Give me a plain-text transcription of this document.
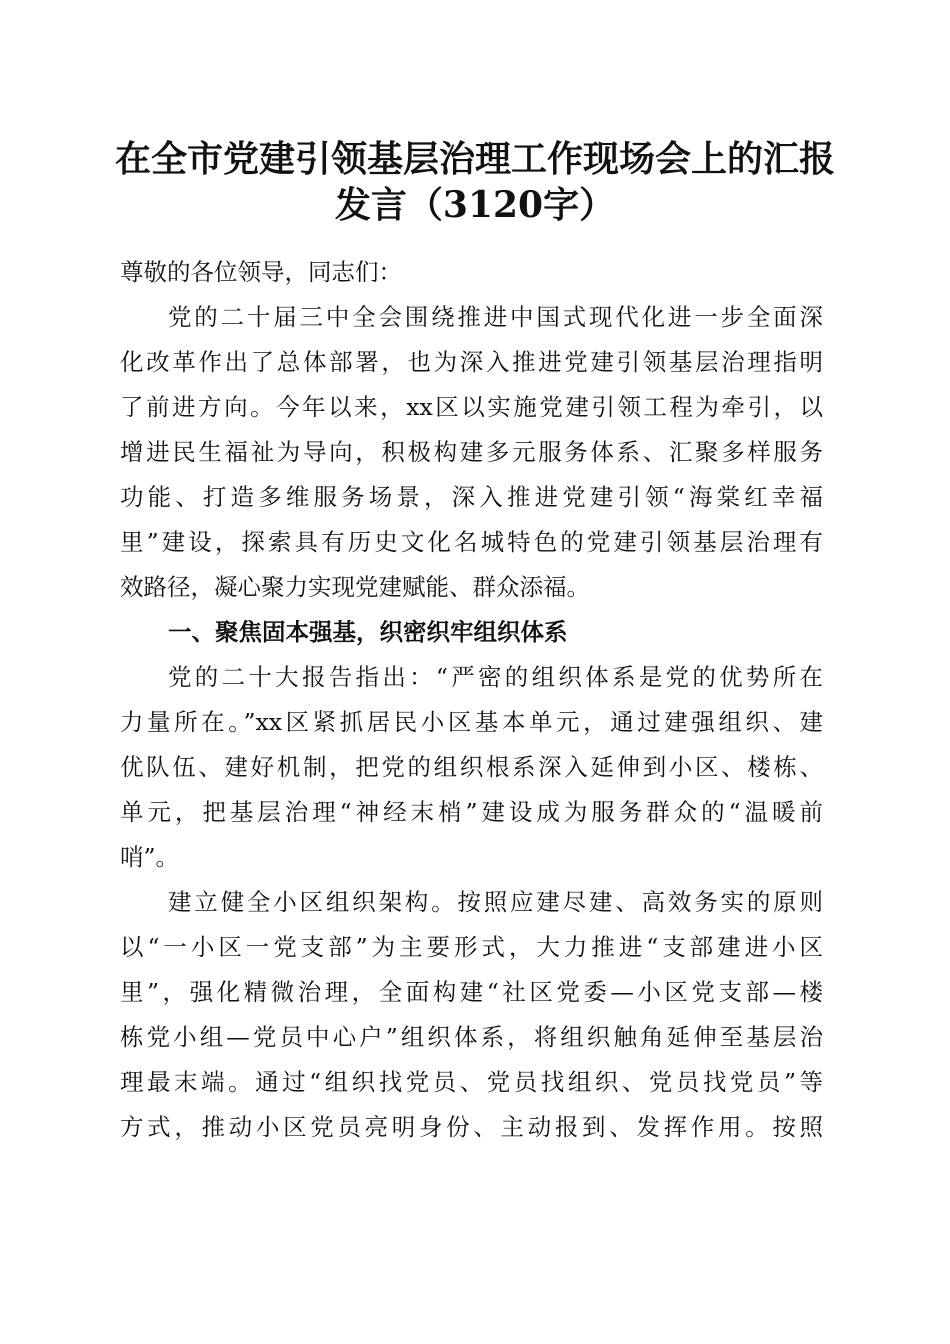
在全市党建引领基层治理工作现场会上的汇报
发言（3120字）
尊敬的各位领导，同志们：
党的二十届三中全会围绕推进中国式现代化进一步全面深
化改革作出了总体部署，也为深入推进党建引领基层治理指明
了前进方向。今年以来，xx区以实施党建引领工程为牵引，以
增进民生福祉为导向，积极构建多元服务体系、汇聚多样服务
功能、打造多维服务场景，深入推进党建引领“海棠红幸福
里”建设，探索具有历史文化名城特色的党建引领基层治理有
效路径，凝心聚力实现党建赋能、群众添福。
一、聚焦固本强基，织密织牢组织体系
党的二十大报告指出：“严密的组织体系是党的优势所在
力量所在。”xx区紧抓居民小区基本单元，通过建强组织、建
优队伍、建好机制，把党的组织根系深入延伸到小区、楼栋、
单元，把基层治理“神经末梢”建设成为服务群众的“温暖前
哨”。
建立健全小区组织架构。按照应建尽建、高效务实的原则
以“一小区一党支部”为主要形式，大力推进“支部建进小区
里”，强化精微治理，全面构建“社区党委—小区党支部—楼
栋党小组—党员中心户”组织体系，将组织触角延伸至基层治
理最末端。通过“组织找党员、党员找组织、党员找党员”等
方式，推动小区党员亮明身份、主动报到、发挥作用。按照
